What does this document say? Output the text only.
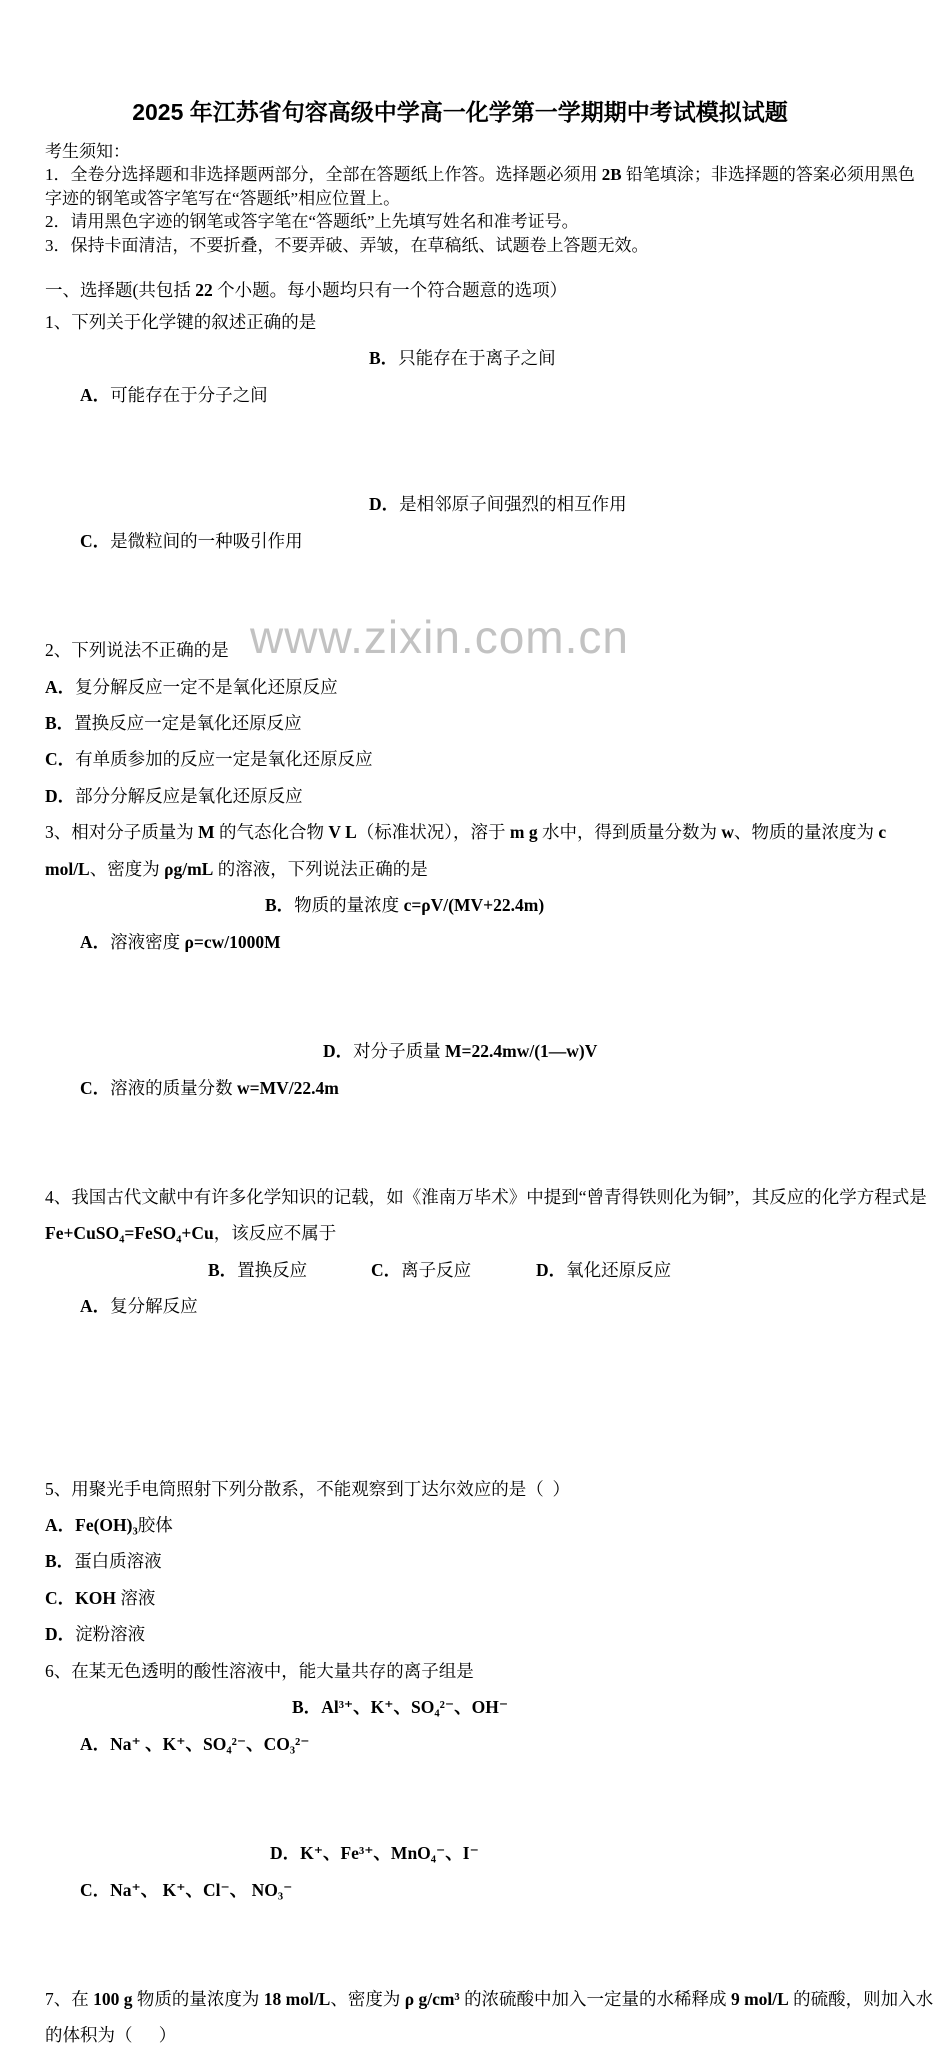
www.zixin.com.cn
2025 年江苏省句容高级中学高一化学第一学期期中考试模拟试题
考生须知：
1．全卷分选择题和非选择题两部分，全部在答题纸上作答。选择题必须用 2B 铅笔填涂；非选择题的答案必须用黑色
字迹的钢笔或答字笔写在“答题纸”相应位置上。
2．请用黑色字迹的钢笔或答字笔在“答题纸”上先填写姓名和准考证号。
3．保持卡面清洁，不要折叠，不要弄破、弄皱，在草稿纸、试题卷上答题无效。
一、选择题(共包括 22 个小题。每小题均只有一个符合题意的选项）
1、下列关于化学键的叙述正确的是

A．可能存在于分子之间

B．只能存在于离子之间

C．是微粒间的一种吸引作用

D．是相邻原子间强烈的相互作用

2、下列说法不正确的是
A．复分解反应一定不是氧化还原反应
B．置换反应一定是氧化还原反应
C．有单质参加的反应一定是氧化还原反应
D．部分分解反应是氧化还原反应
3、相对分子质量为 M 的气态化合物 V L（标准状况），溶于 m g 水中，得到质量分数为 w、物质的量浓度为 c
mol/L、密度为 ρg/mL 的溶液，下列说法正确的是

A．溶液密度 ρ=cw/1000M

B．物质的量浓度 c=ρV/(MV+22.4m)

C．溶液的质量分数 w=MV/22.4m

D．对分子质量 M=22.4mw/(1—w)V

4、我国古代文献中有许多化学知识的记载，如《淮南万毕术》中提到“曾青得铁则化为铜”，其反应的化学方程式是
Fe+CuSO₄=FeSO₄+Cu，该反应不属于

A．复分解反应

B．置换反应

	C．离子反应

	D．氧化还原反应

5、用聚光手电筒照射下列分散系，不能观察到丁达尔效应的是（  ）
A．Fe(OH)₃胶体
B．蛋白质溶液
C．KOH 溶液
D．淀粉溶液
6、在某无色透明的酸性溶液中，能大量共存的离子组是

A．Na⁺ 、K⁺、SO₄²⁻、CO₃²⁻

B．Al³⁺、K⁺、SO₄²⁻、OH⁻

C．Na⁺、 K⁺、Cl⁻、 NO₃⁻

D．K⁺、Fe³⁺、MnO₄⁻、I⁻

7、在 100 g 物质的量浓度为 18 mol/L、密度为 ρ g/cm³ 的浓硫酸中加入一定量的水稀释成 9 mol/L 的硫酸，则加入水
的体积为（      ）
